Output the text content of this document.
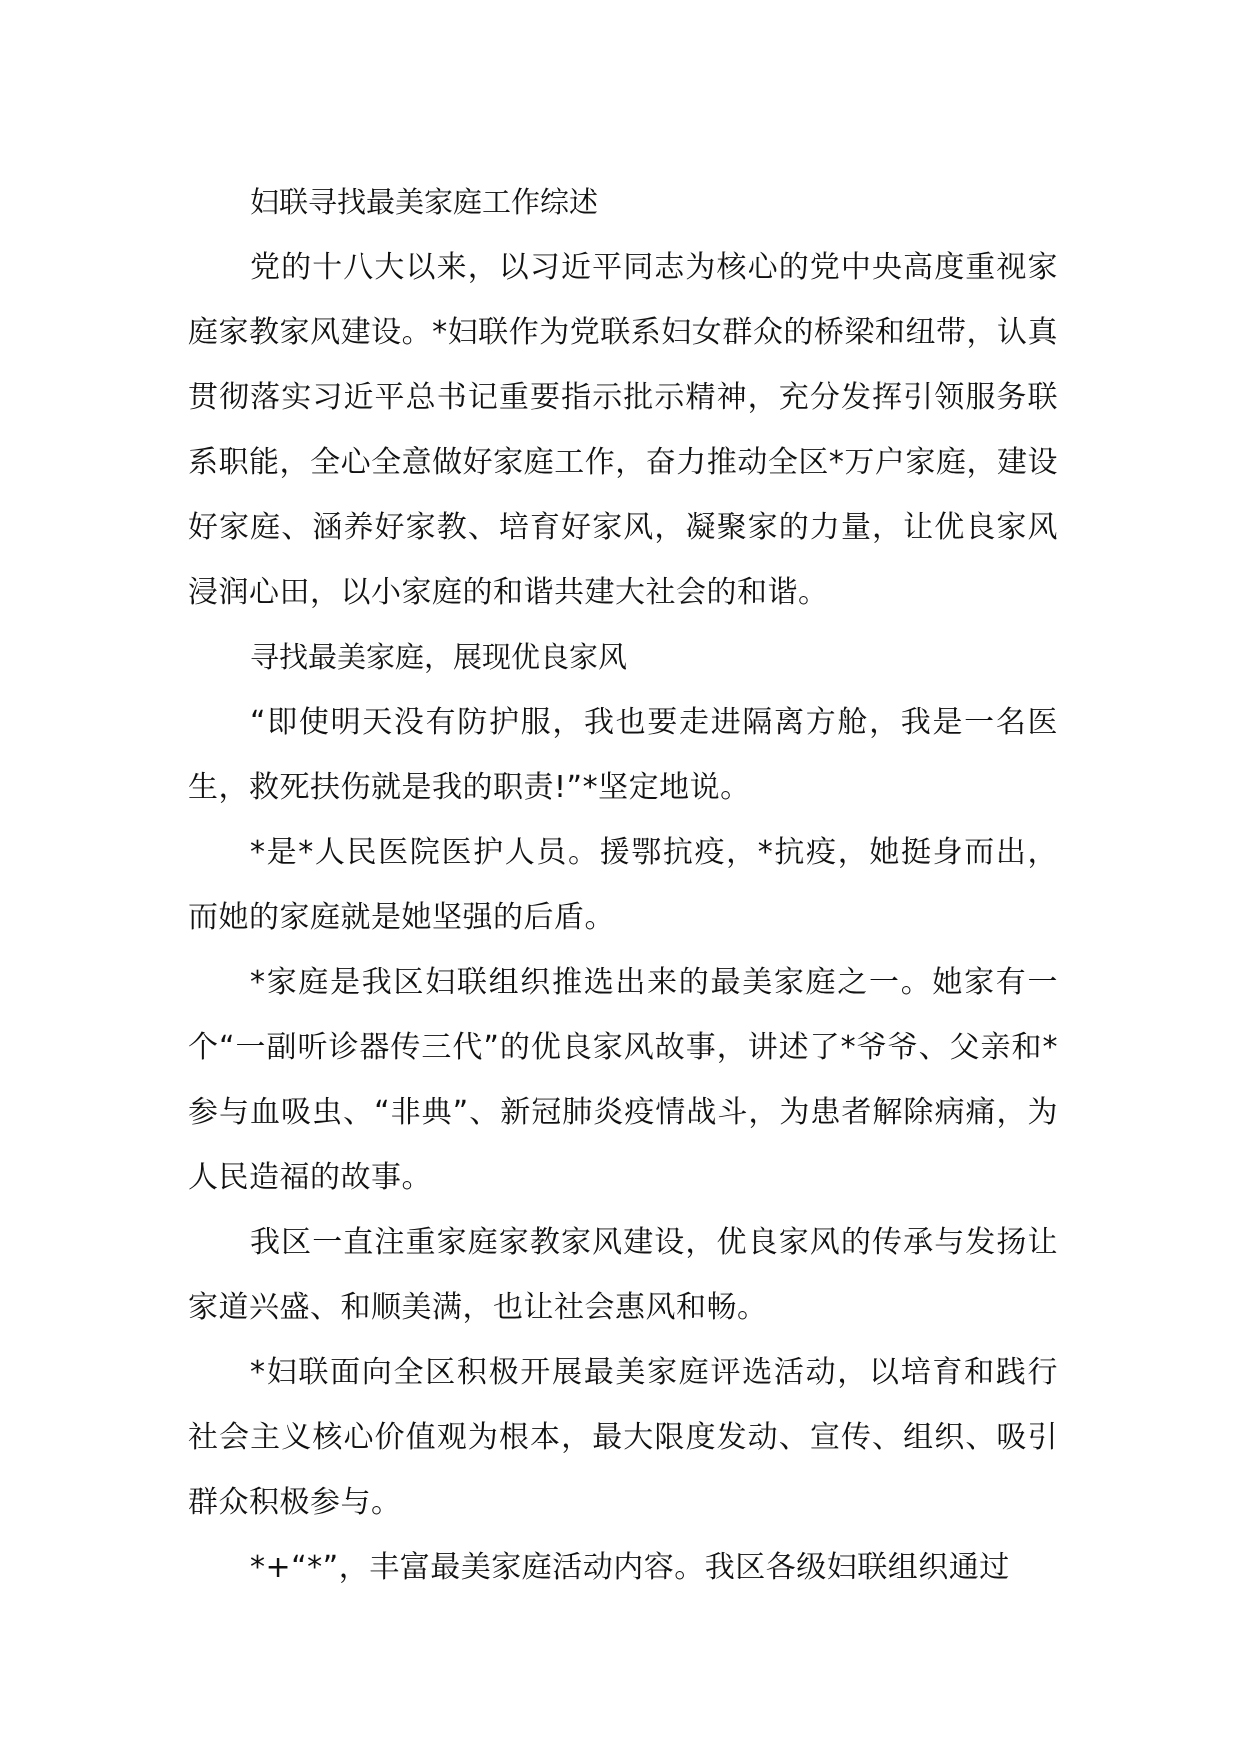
妇联寻找最美家庭工作综述

党的十八大以来，以习近平同志为核心的党中央高度重视家庭家教家风建设。*妇联作为党联系妇女群众的桥梁和纽带，认真贯彻落实习近平总书记重要指示批示精神，充分发挥引领服务联系职能，全心全意做好家庭工作，奋力推动全区*万户家庭，建设好家庭、涵养好家教、培育好家风，凝聚家的力量，让优良家风浸润心田，以小家庭的和谐共建大社会的和谐。

寻找最美家庭，展现优良家风

“即使明天没有防护服，我也要走进隔离方舱，我是一名医生，救死扶伤就是我的职责!”*坚定地说。

*是*人民医院医护人员。援鄂抗疫，*抗疫，她挺身而出，而她的家庭就是她坚强的后盾。

*家庭是我区妇联组织推选出来的最美家庭之一。她家有一个“一副听诊器传三代”的优良家风故事，讲述了*爷爷、父亲和*参与血吸虫、“非典”、新冠肺炎疫情战斗，为患者解除病痛，为人民造福的故事。

我区一直注重家庭家教家风建设，优良家风的传承与发扬让家道兴盛、和顺美满，也让社会惠风和畅。

*妇联面向全区积极开展最美家庭评选活动，以培育和践行社会主义核心价值观为根本，最大限度发动、宣传、组织、吸引群众积极参与。

*+“*”，丰富最美家庭活动内容。我区各级妇联组织通过
